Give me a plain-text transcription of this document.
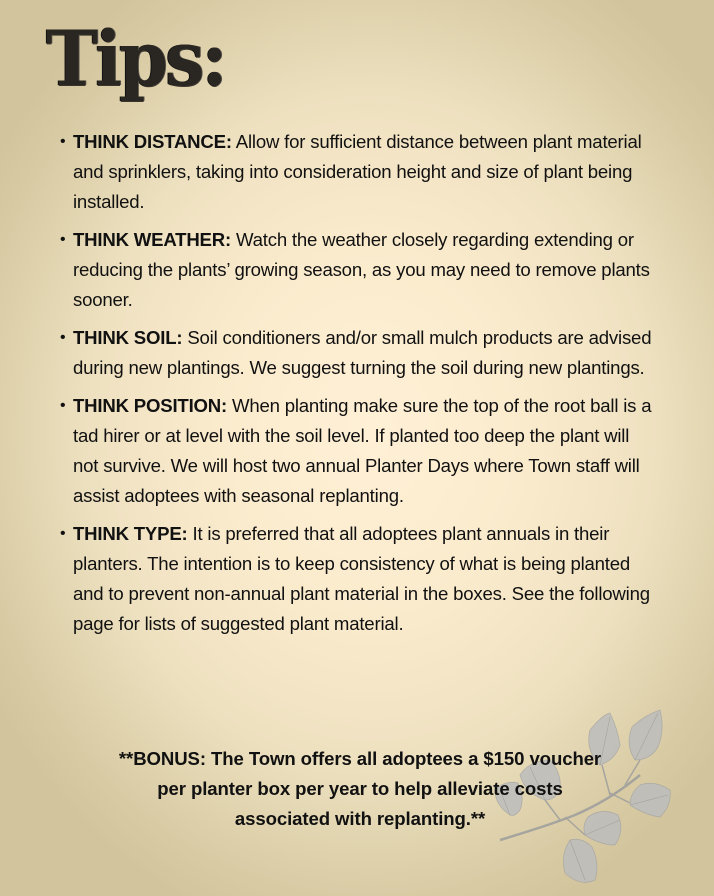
Tips:
• THINK DISTANCE: Allow for sufficient distance between plant material and sprinklers, taking into consideration height and size of plant being installed.
• THINK WEATHER: Watch the weather closely regarding extending or reducing the plants’ growing season, as you may need to remove plants sooner.
• THINK SOIL: Soil conditioners and/or small mulch products are advised during new plantings. We suggest turning the soil during new plantings.
• THINK POSITION: When planting make sure the top of the root ball is a tad hirer or at level with the soil level. If planted too deep the plant will not survive. We will host two annual Planter Days where Town staff will assist adoptees with seasonal replanting.
• THINK TYPE: It is preferred that all adoptees plant annuals in their planters. The intention is to keep consistency of what is being planted and to prevent non-annual plant material in the boxes. See the following page for lists of suggested plant material.
**BONUS: The Town offers all adoptees a $150 voucher
per planter box per year to help alleviate costs
associated with replanting.**
